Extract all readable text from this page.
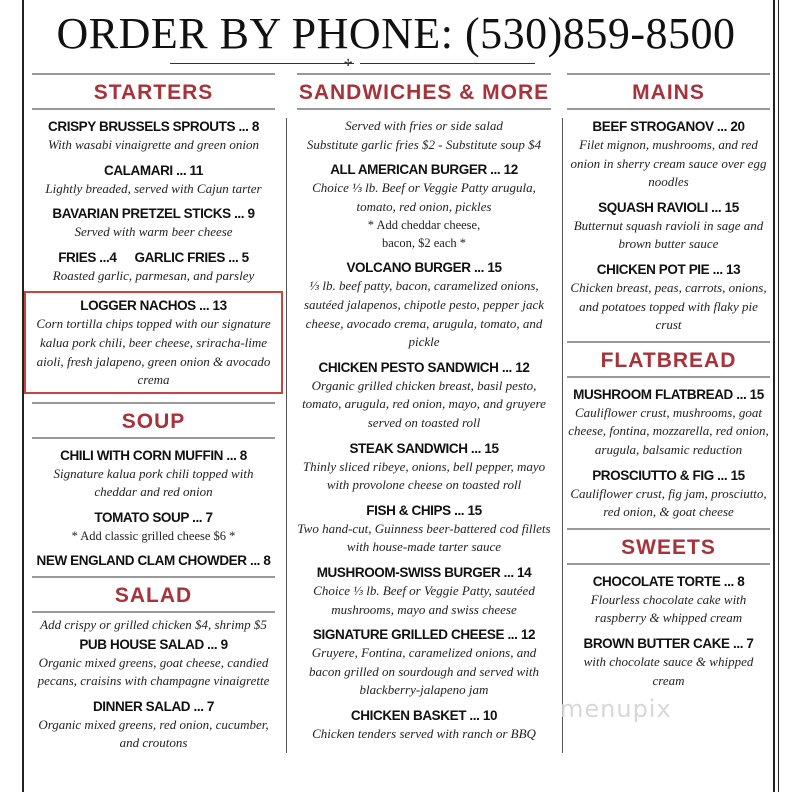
ORDER BY PHONE: (530)859-8500
✢
STARTERS
CRISPY BRUSSELS SPROUTS ... 8
With wasabi vinaigrette and green onion
CALAMARI ... 11
Lightly breaded, served with Cajun tarter
BAVARIAN PRETZEL STICKS ... 9
Served with warm beer cheese
FRIES ...4 GARLIC FRIES ... 5
Roasted garlic, parmesan, and parsley
LOGGER NACHOS ... 13
Corn tortilla chips topped with our signature kalua pork chili, beer cheese, sriracha-lime aioli, fresh jalapeno, green onion & avocado crema
SOUP
CHILI WITH CORN MUFFIN ... 8
Signature kalua pork chili topped with cheddar and red onion
TOMATO SOUP ... 7
* Add classic grilled cheese $6 *
NEW ENGLAND CLAM CHOWDER ... 8
SALAD
Add crispy or grilled chicken $4, shrimp $5
PUB HOUSE SALAD ... 9
Organic mixed greens, goat cheese, candied pecans, craisins with champagne vinaigrette
DINNER SALAD ... 7
Organic mixed greens, red onion, cucumber, and croutons
SANDWICHES & MORE
Served with fries or side salad
Substitute garlic fries $2 - Substitute soup $4
ALL AMERICAN BURGER ... 12
Choice ⅓ lb. Beef or Veggie Patty arugula, tomato, red onion, pickles
* Add cheddar cheese, bacon, $2 each *
VOLCANO BURGER ... 15
⅓ lb. beef patty, bacon, caramelized onions, sautéed jalapenos, chipotle pesto, pepper jack cheese, avocado crema, arugula, tomato, and pickle
CHICKEN PESTO SANDWICH ... 12
Organic grilled chicken breast, basil pesto, tomato, arugula, red onion, mayo, and gruyere served on toasted roll
STEAK SANDWICH ... 15
Thinly sliced ribeye, onions, bell pepper, mayo with provolone cheese on toasted roll
FISH & CHIPS ... 15
Two hand-cut, Guinness beer-battered cod fillets with house-made tarter sauce
MUSHROOM-SWISS BURGER ... 14
Choice ⅓ lb. Beef or Veggie Patty, sautéed mushrooms, mayo and swiss cheese
SIGNATURE GRILLED CHEESE ... 12
Gruyere, Fontina, caramelized onions, and bacon grilled on sourdough and served with blackberry-jalapeno jam
CHICKEN BASKET ... 10
Chicken tenders served with ranch or BBQ
MAINS
BEEF STROGANOV ... 20
Filet mignon, mushrooms, and red onion in sherry cream sauce over egg noodles
SQUASH RAVIOLI ... 15
Butternut squash ravioli in sage and brown butter sauce
CHICKEN POT PIE ... 13
Chicken breast, peas, carrots, onions, and potatoes topped with flaky pie crust
FLATBREAD
MUSHROOM FLATBREAD ... 15
Cauliflower crust, mushrooms, goat cheese, fontina, mozzarella, red onion, arugula, balsamic reduction
PROSCIUTTO & FIG ... 15
Cauliflower crust, fig jam, prosciutto, red onion, & goat cheese
SWEETS
CHOCOLATE TORTE ... 8
Flourless chocolate cake with raspberry & whipped cream
BROWN BUTTER CAKE ... 7
with chocolate sauce & whipped cream
menupix
